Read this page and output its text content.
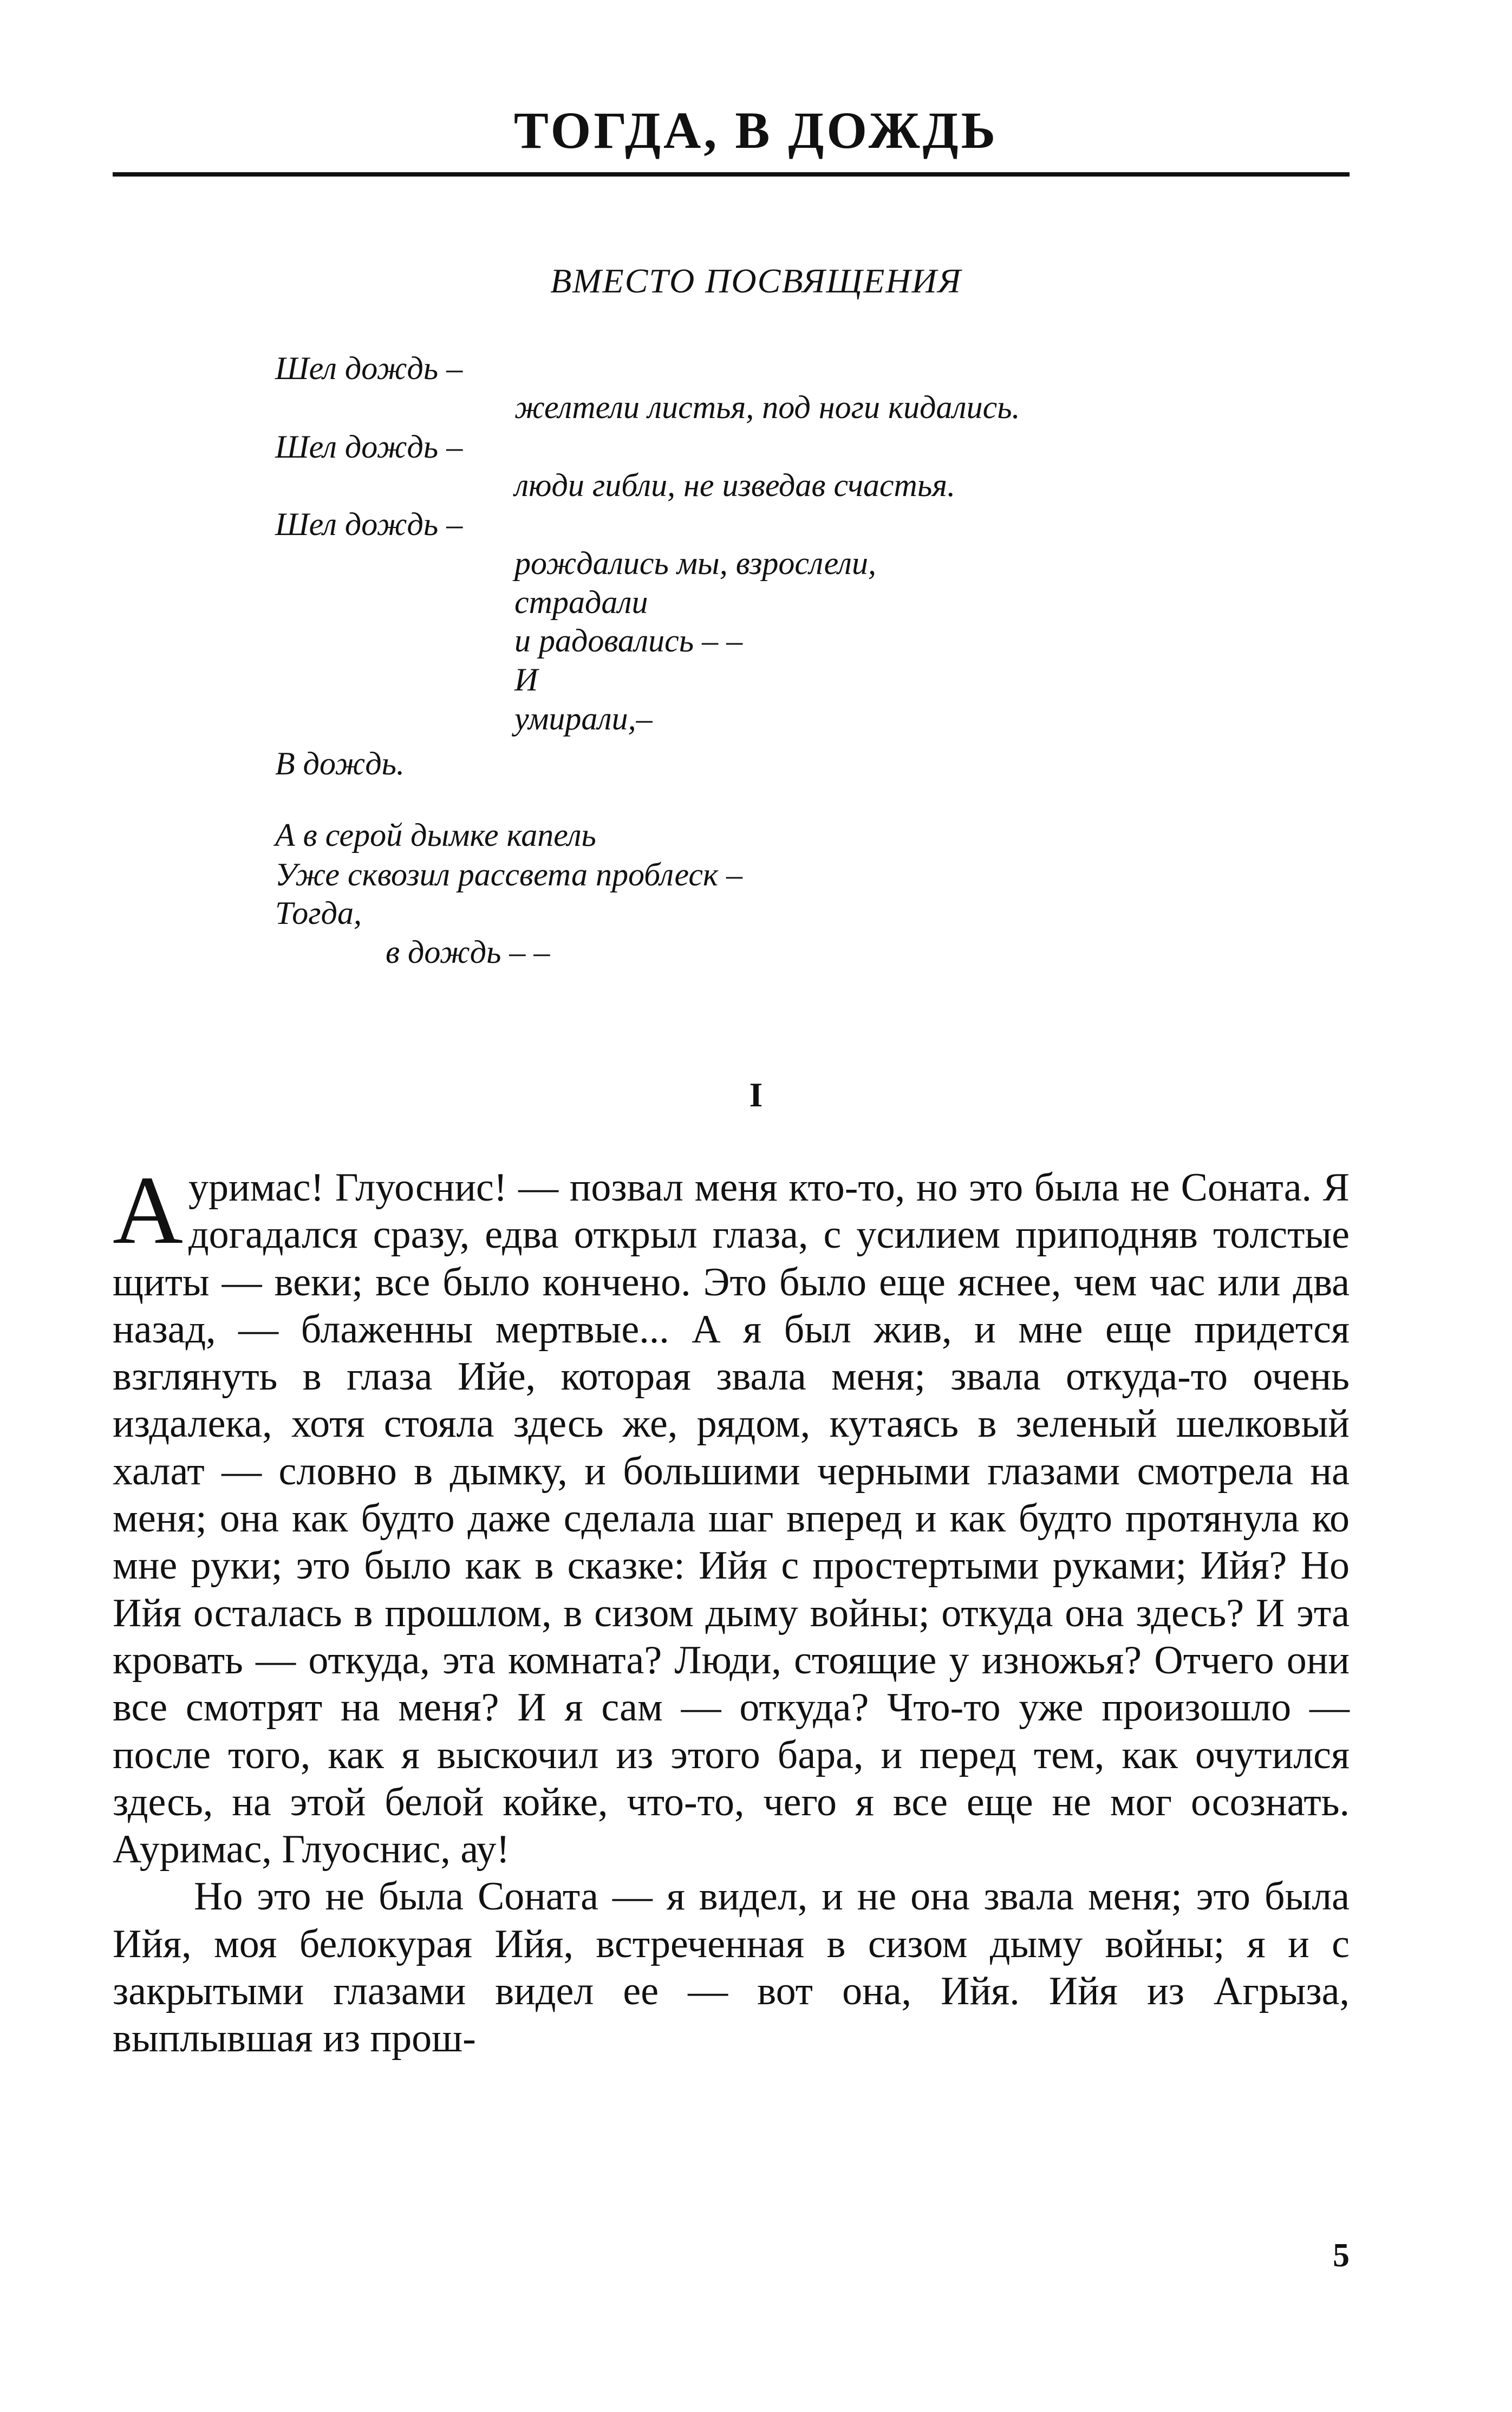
ТОГДА, В ДОЖДЬ
ВМЕСТО ПОСВЯЩЕНИЯ
Шел дождь –
желтели листья, под ноги кидались.
Шел дождь –
люди гибли, не изведав счастья.
Шел дождь –
рождались мы, взрослели,
страдали
и радовались – –
И
умирали,–
В дождь.
А в серой дымке капель
Уже сквозил рассвета проблеск –
Тогда,
в дождь – –
I

Ауримас! Глуоснис! — позвал меня кто-то, но это была не Соната. Я догадался сразу, едва открыл глаза, с усилием приподняв толстые щиты — веки; все было кончено. Это было еще яснее, чем час или два назад, — блаженны мертвые... А я был жив, и мне еще придется взглянуть в глаза Ийе, которая звала меня; звала откуда-то очень издалека, хотя стояла здесь же, рядом, кутаясь в зеленый шелковый халат — словно в дымку, и большими черными глазами смотрела на меня; она как будто даже сделала шаг вперед и как будто протянула ко мне руки; это было как в сказке: Ийя с простертыми руками; Ийя? Но Ийя осталась в прошлом, в сизом дыму войны; откуда она здесь? И эта кровать — откуда, эта комната? Люди, стоящие у изножья? Отчего они все смотрят на меня? И я сам — откуда? Что-то уже произошло — после того, как я выскочил из этого бара, и перед тем, как очутился здесь, на этой белой койке, что-то, чего я все еще не мог осознать. Ауримас, Глуоснис, ау!

Но это не была Соната — я видел, и не она звала меня; это была Ийя, моя белокурая Ийя, встреченная в сизом дыму войны; я и с закрытыми глазами видел ее — вот она, Ийя. Ийя из Агрыза, выплывшая из прош-

5
